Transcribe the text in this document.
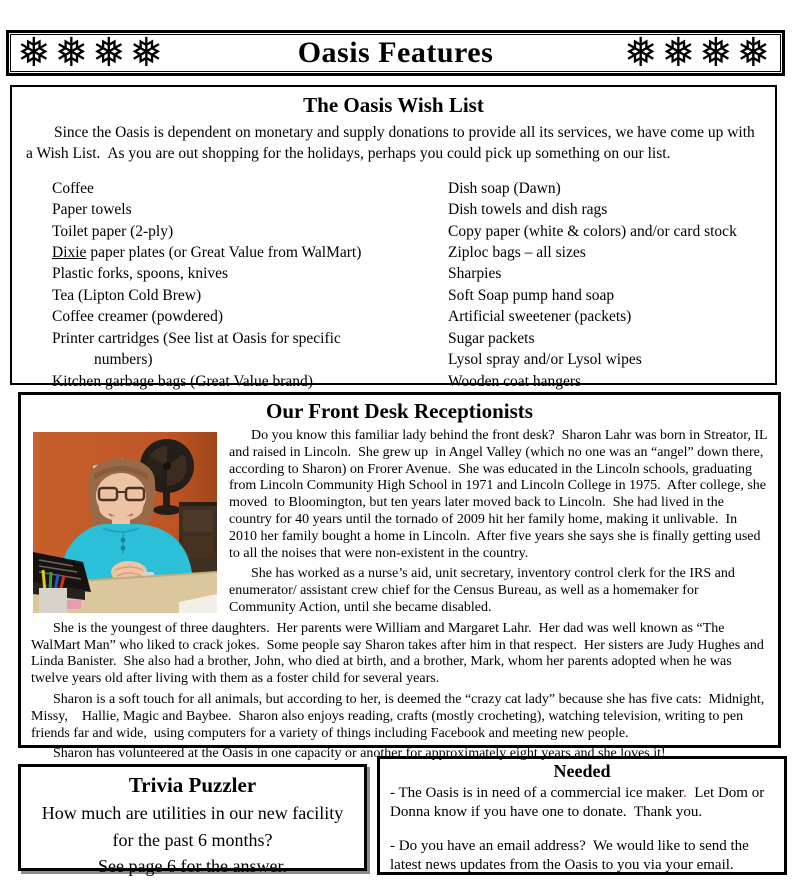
❅❅❅❅	Oasis Features	❅❅❅❅
The Oasis Wish List

Since the Oasis is dependent on monetary and supply donations to provide all its services, we have come up with a Wish List.  As you are out shopping for the holidays, perhaps you could pick up something on our list.

Coffee
Paper towels
Toilet paper (2-ply)
Dixie paper plates (or Great Value from WalMart)
Plastic forks, spoons, knives
Tea (Lipton Cold Brew)
Coffee creamer (powdered)
Printer cartridges (See list at Oasis for specific
numbers)
Kitchen garbage bags (Great Value brand)
Dish soap (Dawn)
Dish towels and dish rags
Copy paper (white & colors) and/or card stock
Ziploc bags – all sizes
Sharpies
Soft Soap pump hand soap
Artificial sweetener (packets)
Sugar packets
Lysol spray and/or Lysol wipes
Wooden coat hangers
Our Front Desk Receptionists

Do you know this familiar lady behind the front desk?  Sharon Lahr was born in Streator, IL and raised in Lincoln.  She grew up  in Angel Valley (which no one was an “angel” down there, according to Sharon) on Frorer Avenue.  She was educated in the Lincoln schools, graduating from Lincoln Community High School in 1971 and Lincoln College in 1975.  After college, she moved  to Bloomington, but ten years later moved back to Lincoln.  She had lived in the country for 40 years until the tornado of 2009 hit her family home, making it unlivable.  In 2010 her family bought a home in Lincoln.  After five years she says she is finally getting used to all the noises that were non-existent in the country.

She has worked as a nurse’s aid, unit secretary, inventory control clerk for the IRS and enumerator/ assistant crew chief for the Census Bureau, as well as a homemaker for Community Action, until she became disabled.

She is the youngest of three daughters.  Her parents were William and Margaret Lahr.  Her dad was well known as “The WalMart Man” who liked to crack jokes.  Some people say Sharon takes after him in that respect.  Her sisters are Judy Hughes and Linda Banister.  She also had a brother, John, who died at birth, and a brother, Mark, whom her parents adopted when he was twelve years old after living with them as a foster child for several years.

Sharon is a soft touch for all animals, but according to her, is deemed the “crazy cat lady” because she has five cats:  Midnight, Missy,    Hallie, Magic and Baybee.  Sharon also enjoys reading, crafts (mostly crocheting), watching television, writing to pen friends far and wide,  using computers for a variety of things including Facebook and meeting new people.

Sharon has volunteered at the Oasis in one capacity or another for approximately eight years and she loves it!

Trivia Puzzler
How much are utilities in our new facility
for the past 6 months?
See page 6 for the answer.
Needed

- The Oasis is in need of a commercial ice maker.  Let Dom or Donna know if you have one to donate.  Thank you.

- Do you have an email address?  We would like to send the  latest news updates from the Oasis to you via your email.
